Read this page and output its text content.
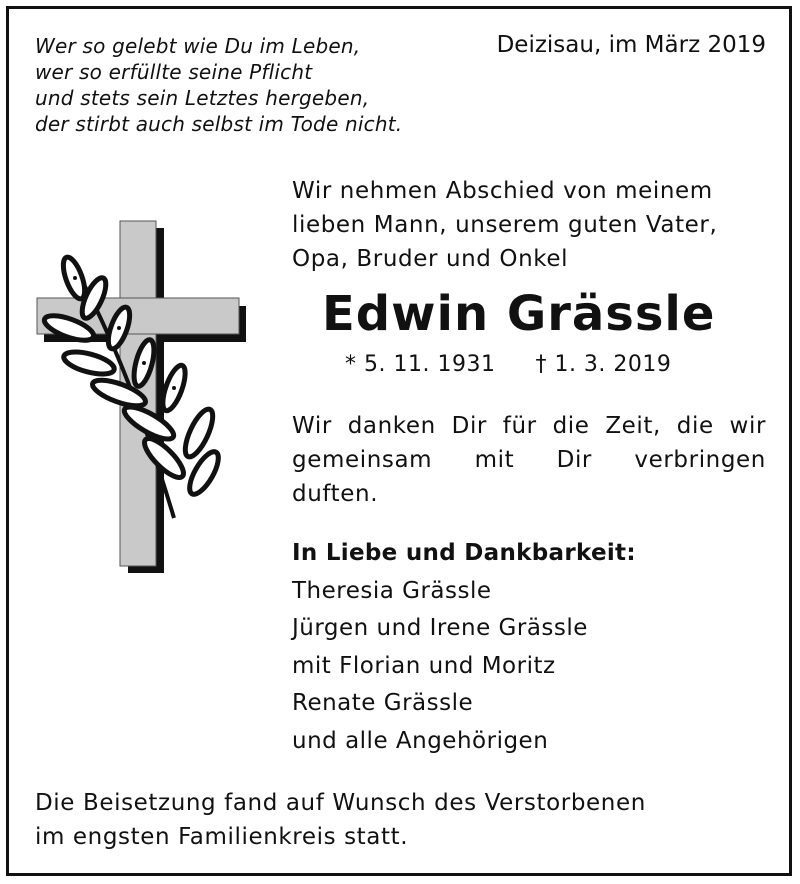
Wer so gelebt wie Du im Leben,
wer so erfüllte seine Pflicht
und stets sein Letztes hergeben,
der stirbt auch selbst im Tode nicht.
Deizisau, im März 2019
Wir nehmen Abschied von meinem
lieben Mann, unserem guten Vater,
Opa, Bruder und Onkel
Edwin Grässle
* 5. 11. 1931 † 1. 3. 2019
Wir danken Dir für die Zeit, die wir
gemeinsam mit Dir verbringen
duften.
In Liebe und Dankbarkeit:
Theresia Grässle
Jürgen und Irene Grässle
mit Florian und Moritz
Renate Grässle
und alle Angehörigen
Die Beisetzung fand auf Wunsch des Verstorbenen
im engsten Familienkreis statt.
